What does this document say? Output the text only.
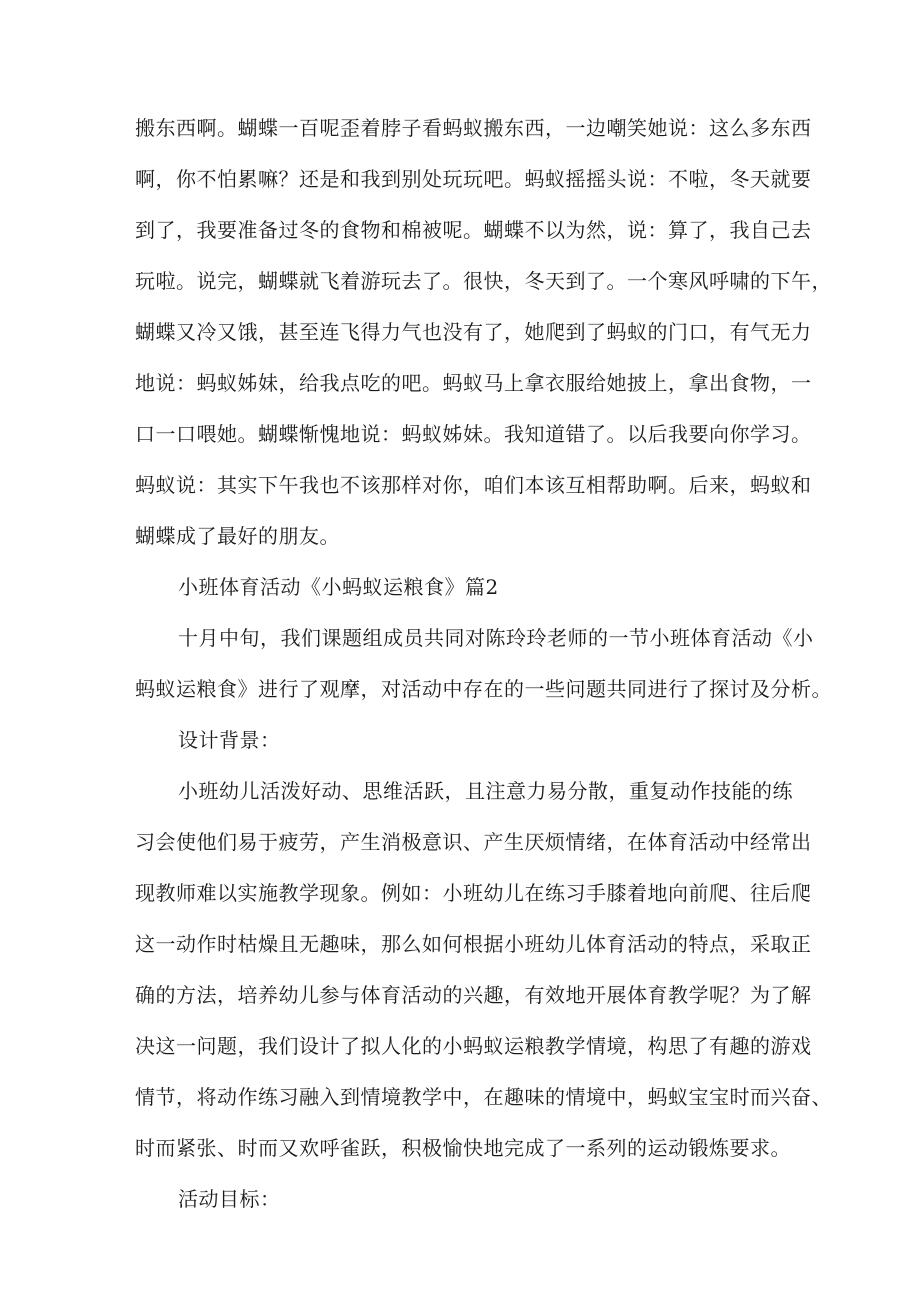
搬东西啊。蝴蝶一百呢歪着脖子看蚂蚁搬东西，一边嘲笑她说：这么多东西
啊，你不怕累嘛？还是和我到别处玩玩吧。蚂蚁摇摇头说：不啦，冬天就要
到了，我要准备过冬的食物和棉被呢。蝴蝶不以为然，说：算了，我自己去
玩啦。说完，蝴蝶就飞着游玩去了。很快，冬天到了。一个寒风呼啸的下午，
蝴蝶又冷又饿，甚至连飞得力气也没有了，她爬到了蚂蚁的门口，有气无力
地说：蚂蚁姊妹，给我点吃的吧。蚂蚁马上拿衣服给她披上，拿出食物，一
口一口喂她。蝴蝶惭愧地说：蚂蚁姊妹。我知道错了。以后我要向你学习。
蚂蚁说：其实下午我也不该那样对你，咱们本该互相帮助啊。后来，蚂蚁和
蝴蝶成了最好的朋友。
小班体育活动《小蚂蚁运粮食》篇2
十月中旬，我们课题组成员共同对陈玲玲老师的一节小班体育活动《小
蚂蚁运粮食》进行了观摩，对活动中存在的一些问题共同进行了探讨及分析。
设计背景：
小班幼儿活泼好动、思维活跃，且注意力易分散，重复动作技能的练
习会使他们易于疲劳，产生消极意识、产生厌烦情绪，在体育活动中经常出
现教师难以实施教学现象。例如：小班幼儿在练习手膝着地向前爬、往后爬
这一动作时枯燥且无趣味，那么如何根据小班幼儿体育活动的特点，采取正
确的方法，培养幼儿参与体育活动的兴趣，有效地开展体育教学呢？为了解
决这一问题，我们设计了拟人化的小蚂蚁运粮教学情境，构思了有趣的游戏
情节，将动作练习融入到情境教学中，在趣味的情境中，蚂蚁宝宝时而兴奋、
时而紧张、时而又欢呼雀跃，积极愉快地完成了一系列的运动锻炼要求。
活动目标：
